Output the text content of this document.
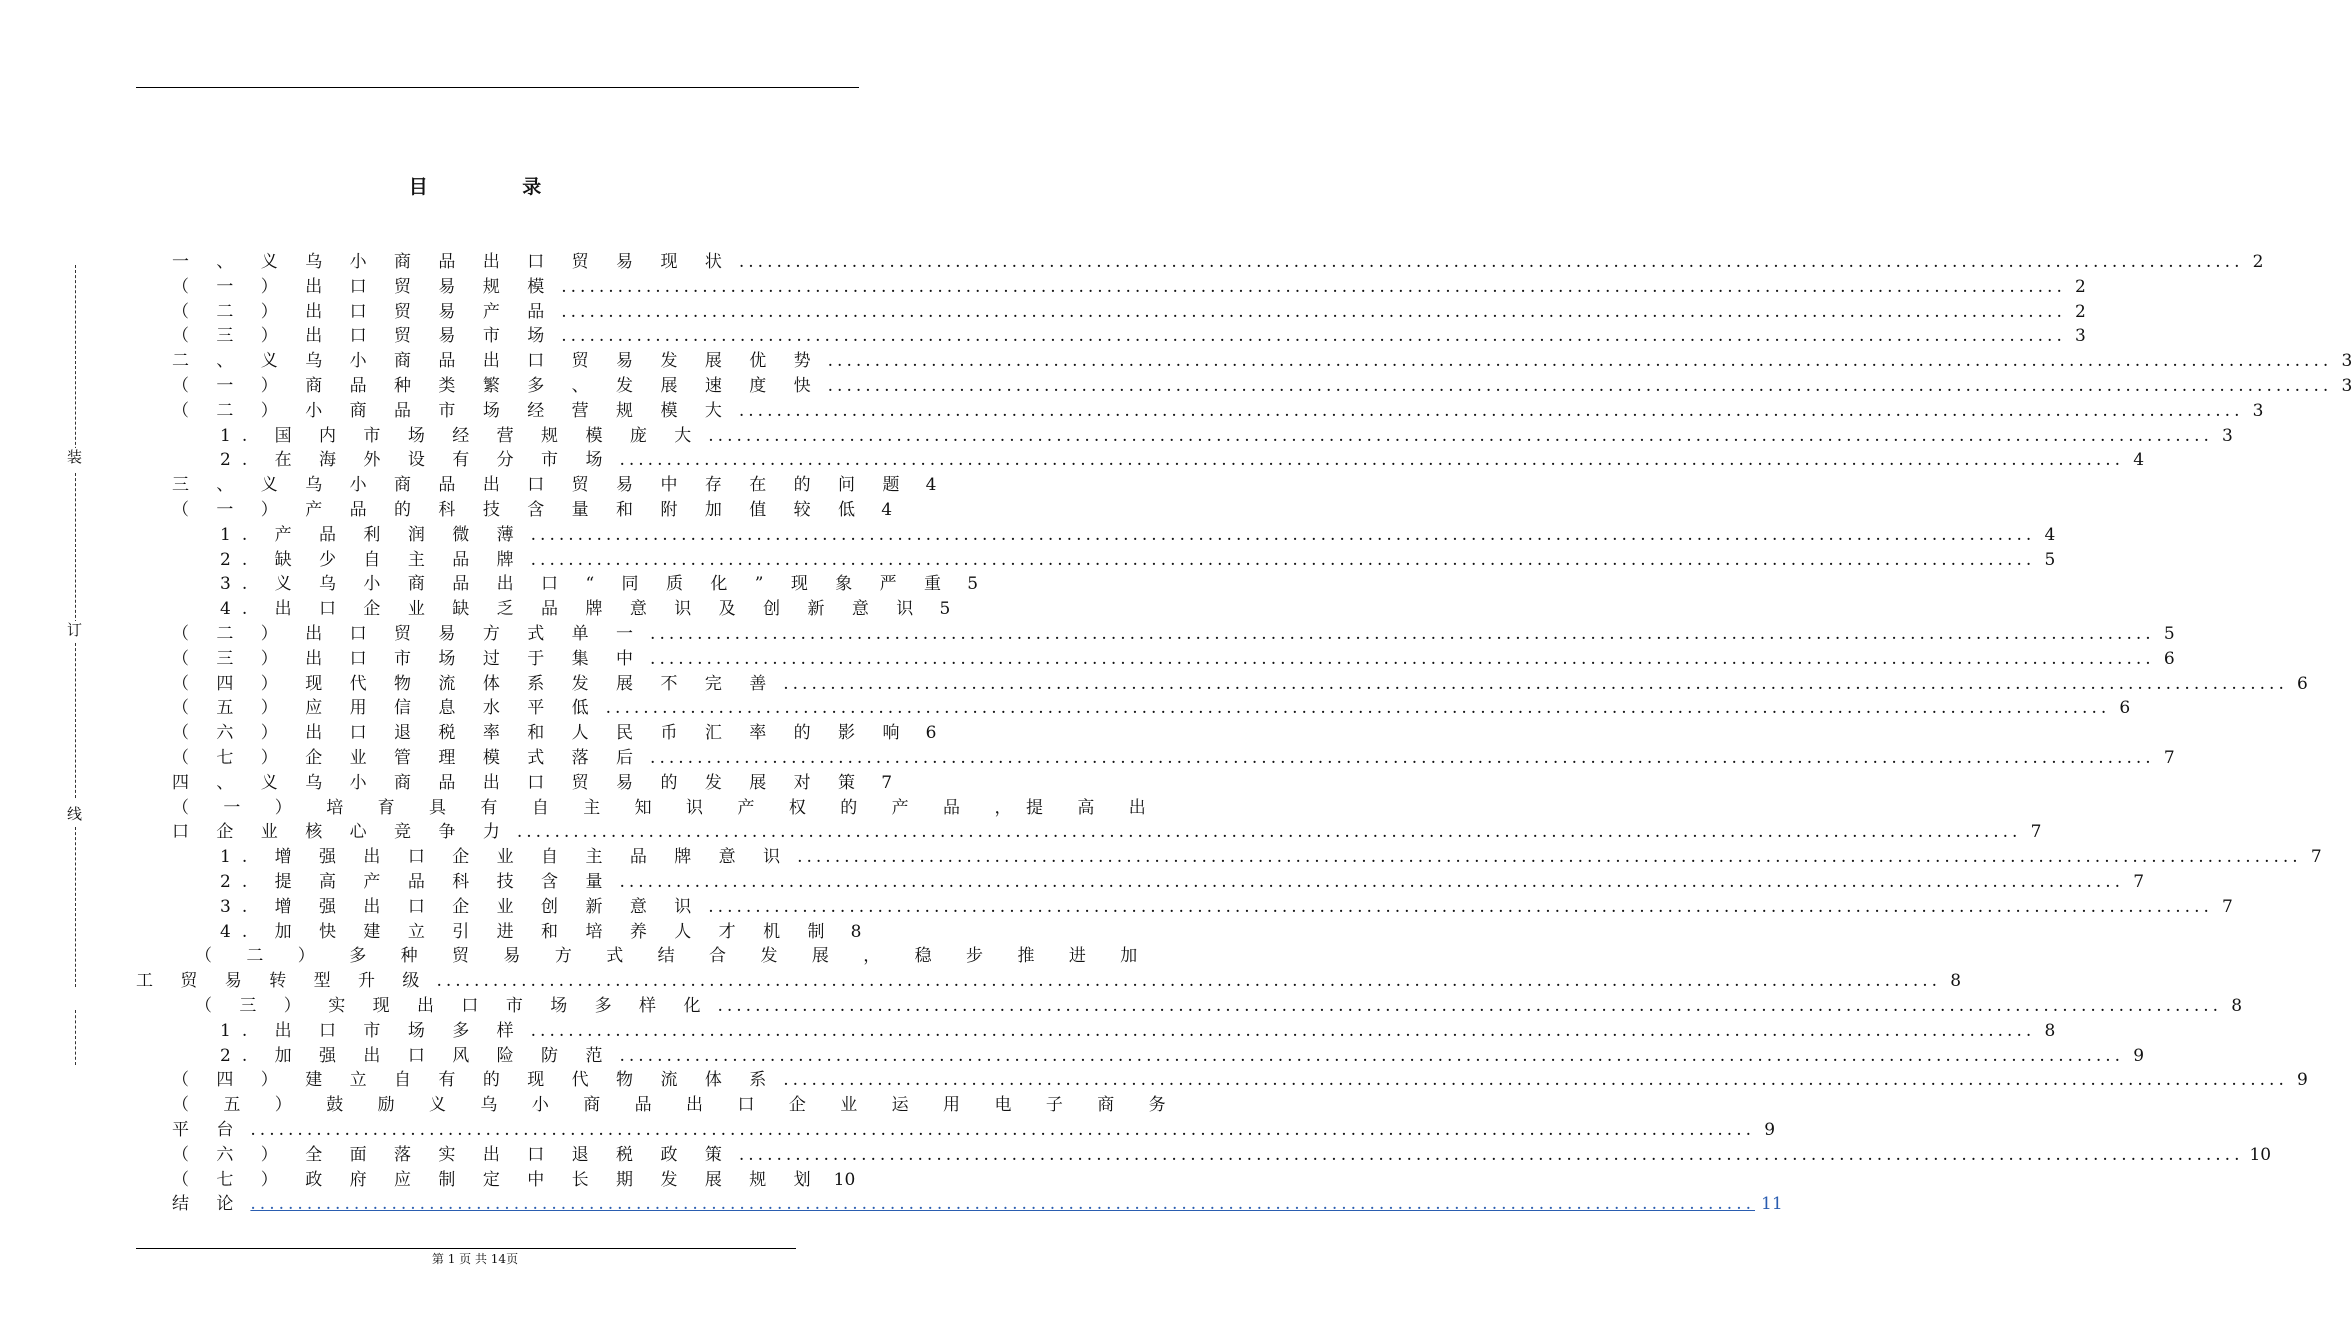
装
订
线
目 录
一 、 义 乌 小 商 品 出 口 贸 易 现 状 .....	2
（ 一 ） 出 口 贸 易 规 模 .....	2
（ 二 ） 出 口 贸 易 产 品 .....	2
（ 三 ） 出 口 贸 易 市 场 .....	3
二 、 义 乌 小 商 品 出 口 贸 易 发 展 优 势 .....	3
（ 一 ） 商 品 种 类 繁 多 、 发 展 速 度 快 .....	3
（ 二 ） 小 商 品 市 场 经 营 规 模 大 .....	3
1. 国 内 市 场 经 营 规 模 庞 大 .....	3
2. 在 海 外 设 有 分 市 场 .....	4
三 、 义 乌 小 商 品 出 口 贸 易 中 存 在 的 问 题 4
（ 一 ） 产 品 的 科 技 含 量 和 附 加 值 较 低 4
1. 产 品 利 润 微 薄 .....	4
2. 缺 少 自 主 品 牌 .....	5
3. 义 乌 小 商 品 出 口 “ 同 质 化 ” 现 象 严 重 5
4. 出 口 企 业 缺 乏 品 牌 意 识 及 创 新 意 识 5
（ 二 ） 出 口 贸 易 方 式 单 一 .....	5
（ 三 ） 出 口 市 场 过 于 集 中 .....	6
（ 四 ） 现 代 物 流 体 系 发 展 不 完 善 .....	6
（ 五 ） 应 用 信 息 水 平 低 .....	6
（ 六 ） 出 口 退 税 率 和 人 民 币 汇 率 的 影 响 6
（ 七 ） 企 业 管 理 模 式 落 后 .....	7
四 、 义 乌 小 商 品 出 口 贸 易 的 发 展 对 策 7
（ 一 ） 培 育 具 有 自 主 知 识 产 权 的 产 品 ，提 高 出
口 企 业 核 心 竞 争 力 .....	7
1. 增 强 出 口 企 业 自 主 品 牌 意 识 .....	7
2. 提 高 产 品 科 技 含 量 .....	7
3. 增 强 出 口 企 业 创 新 意 识 .....	7
4. 加 快 建 立 引 进 和 培 养 人 才 机 制 8
（ 二 ） 多 种 贸 易 方 式 结 合 发 展 ， 稳 步 推 进 加
工 贸 易 转 型 升 级 .....	8
（ 三 ） 实 现 出 口 市 场 多 样 化 .....	8
1. 出 口 市 场 多 样 .....	8
2. 加 强 出 口 风 险 防 范 .....	9
（ 四 ） 建 立 自 有 的 现 代 物 流 体 系 .....	9
（ 五 ） 鼓 励 义 乌 小 商 品 出 口 企 业 运 用 电 子 商 务
平 台 .....	9
（ 六 ） 全 面 落 实 出 口 退 税 政 策 .....	10
（ 七 ） 政 府 应 制 定 中 长 期 发 展 规 划 10
结 论 .....	11
第 1 页 共 14页
